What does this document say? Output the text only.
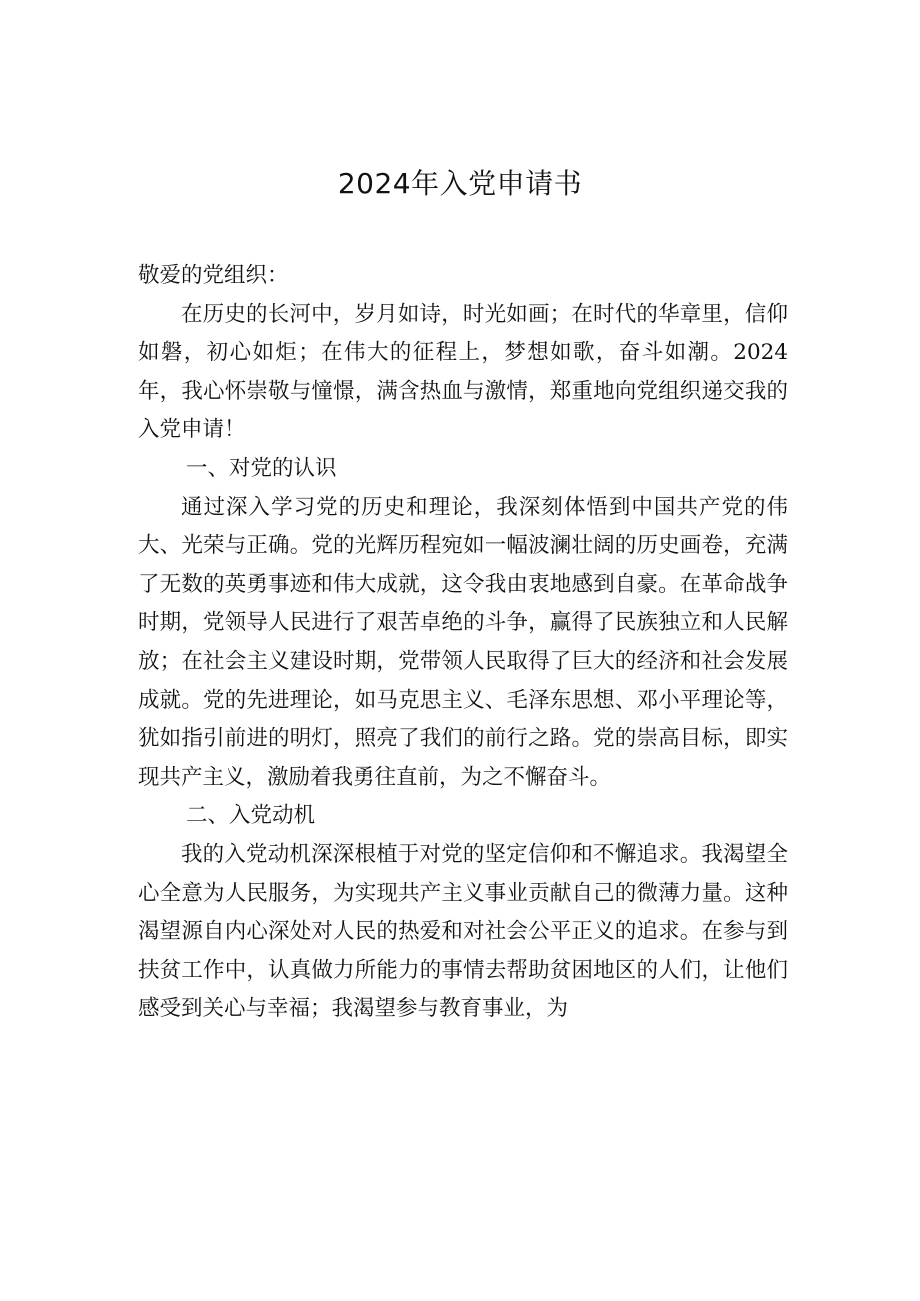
2024年入党申请书

敬爱的党组织：

在历史的长河中，岁月如诗，时光如画；在时代的华章里，信仰如磐，初心如炬；在伟大的征程上，梦想如歌，奋斗如潮。2024年，我心怀崇敬与憧憬，满含热血与激情，郑重地向党组织递交我的入党申请！

一、对党的认识

通过深入学习党的历史和理论，我深刻体悟到中国共产党的伟大、光荣与正确。党的光辉历程宛如一幅波澜壮阔的历史画卷，充满了无数的英勇事迹和伟大成就，这令我由衷地感到自豪。在革命战争时期，党领导人民进行了艰苦卓绝的斗争，赢得了民族独立和人民解放；在社会主义建设时期，党带领人民取得了巨大的经济和社会发展成就。党的先进理论，如马克思主义、毛泽东思想、邓小平理论等，犹如指引前进的明灯，照亮了我们的前行之路。党的崇高目标，即实现共产主义，激励着我勇往直前，为之不懈奋斗。

二、入党动机

我的入党动机深深根植于对党的坚定信仰和不懈追求。我渴望全心全意为人民服务，为实现共产主义事业贡献自己的微薄力量。这种渴望源自内心深处对人民的热爱和对社会公平正义的追求。在参与到扶贫工作中，认真做力所能力的事情去帮助贫困地区的人们，让他们感受到关心与幸福；我渴望参与教育事业，为
